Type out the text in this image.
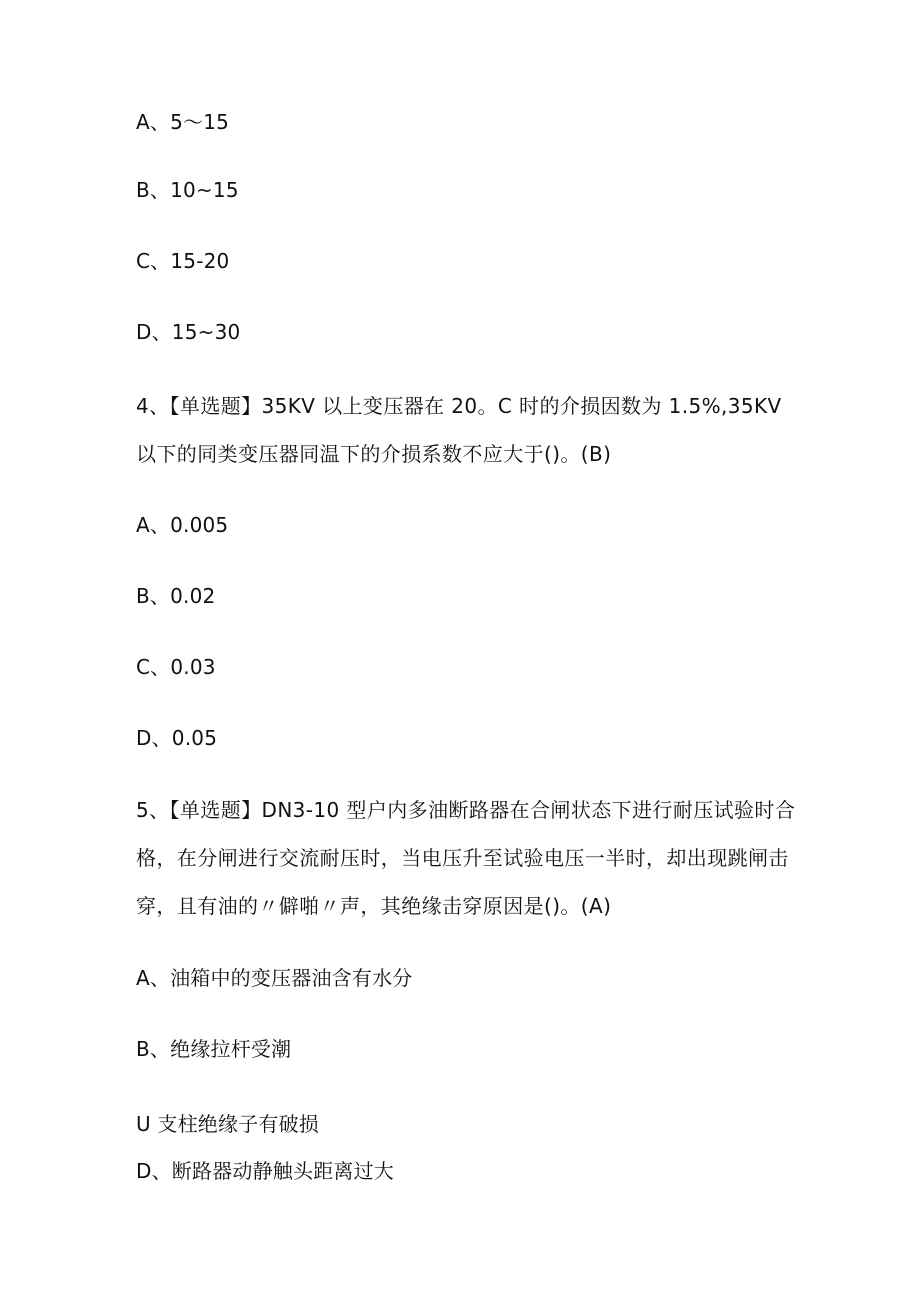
A、5～15
B、10~15
C、15-20
D、15~30
4、【单选题】35KV 以上变压器在 20。C 时的介损因数为 1.5%,35KV
以下的同类变压器同温下的介损系数不应大于()。(B)
A、0.005
B、0.02
C、0.03
D、0.05
5、【单选题】DN3-10 型户内多油断路器在合闸状态下进行耐压试验时合
格，在分闸进行交流耐压时，当电压升至试验电压一半时，却出现跳闸击
穿，且有油的〃僻啪〃声，其绝缘击穿原因是()。(A)
A、油箱中的变压器油含有水分
B、绝缘拉杆受潮
U 支柱绝缘子有破损
D、断路器动静触头距离过大
